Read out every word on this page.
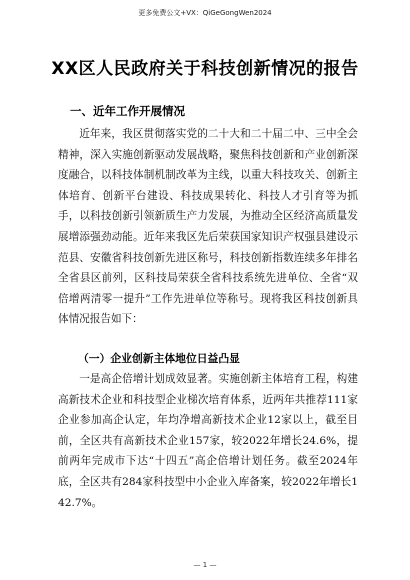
更多免费公文+VX：QiGeGongWen2024
XX区人民政府关于科技创新情况的报告
一、近年工作开展情况

近年来，我区贯彻落实党的二十大和二十届二中、三中全会精神，深入实施创新驱动发展战略，聚焦科技创新和产业创新深度融合，以科技体制机制改革为主线，以重大科技攻关、创新主体培育、创新平台建设、科技成果转化、科技人才引育等为抓手，以科技创新引领新质生产力发展，为推动全区经济高质量发展增添强劲动能。近年来我区先后荣获国家知识产权强县建设示范县、安徽省科技创新先进区称号，科技创新指数连续多年排名全省县区前列，区科技局荣获全省科技系统先进单位、全省“双倍增两清零一提升”工作先进单位等称号。现将我区科技创新具体情况报告如下：

（一）企业创新主体地位日益凸显

一是高企倍增计划成效显著。实施创新主体培育工程，构建高新技术企业和科技型企业梯次培育体系，近两年共推荐111家企业参加高企认定，年均净增高新技术企业12家以上，截至目前，全区共有高新技术企业157家，较2022年增长24.6%，提前两年完成市下达“十四五”高企倍增计划任务。截至2024年底，全区共有284家科技型中小企业入库备案，较2022年增长142.7%。

— 1 —
